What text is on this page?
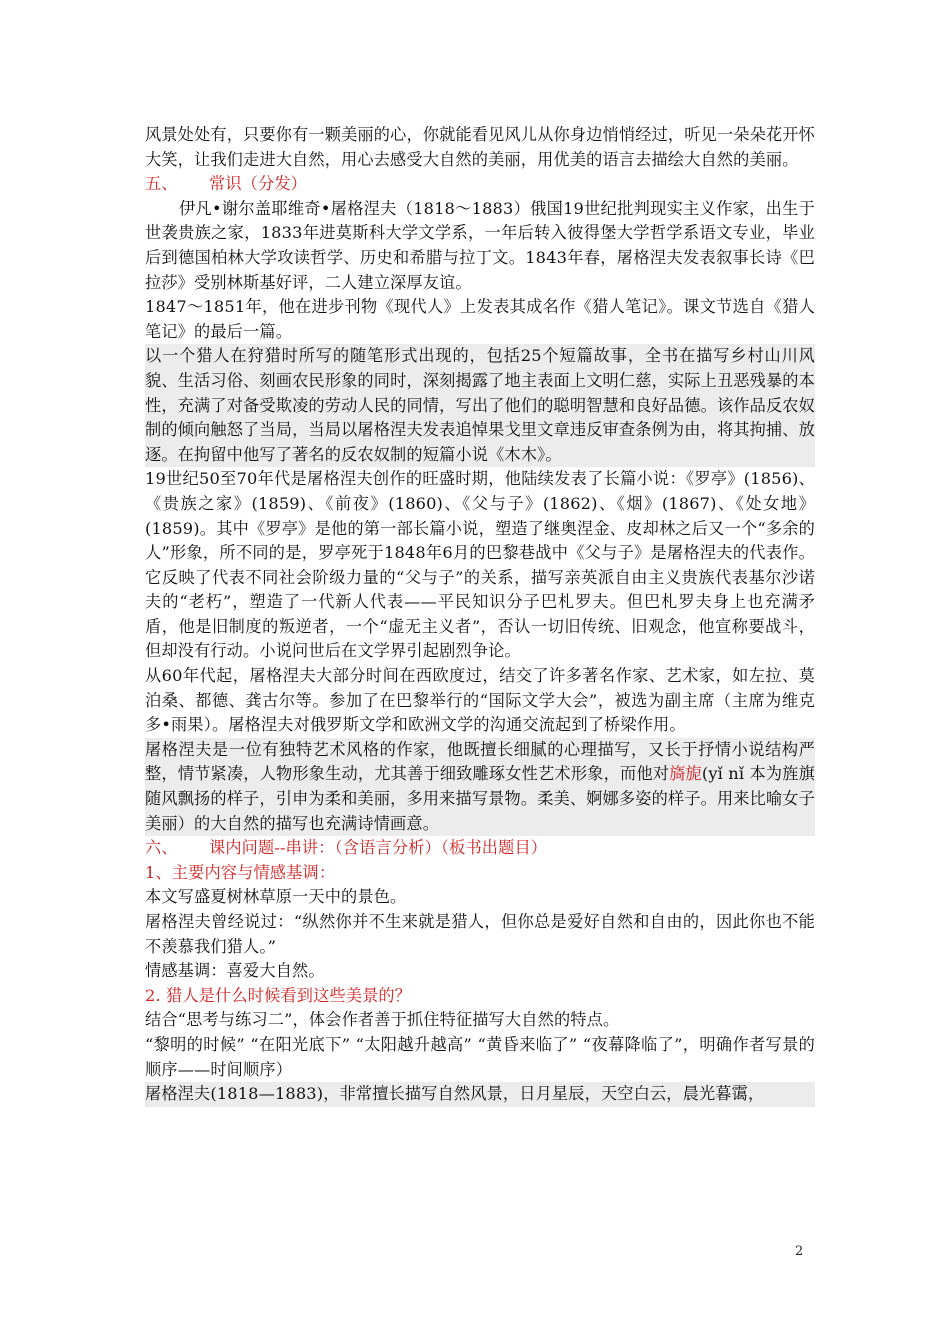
风景处处有，只要你有一颗美丽的心，你就能看见风儿从你身边悄悄经过，听见一朵朵花开怀大笑，让我们走进大自然，用心去感受大自然的美丽，用优美的语言去描绘大自然的美丽。

五、 常识（分发）

伊凡•谢尔盖耶维奇•屠格涅夫（1818～1883）俄国19世纪批判现实主义作家，出生于世袭贵族之家，1833年进莫斯科大学文学系，一年后转入彼得堡大学哲学系语文专业，毕业后到德国柏林大学攻读哲学、历史和希腊与拉丁文。1843年春，屠格涅夫发表叙事长诗《巴拉莎》受别林斯基好评，二人建立深厚友谊。

1847～1851年，他在进步刊物《现代人》上发表其成名作《猎人笔记》。课文节选自《猎人笔记》的最后一篇。

以一个猎人在狩猎时所写的随笔形式出现的，包括25个短篇故事，全书在描写乡村山川风貌、生活习俗、刻画农民形象的同时，深刻揭露了地主表面上文明仁慈，实际上丑恶残暴的本性，充满了对备受欺凌的劳动人民的同情，写出了他们的聪明智慧和良好品德。该作品反农奴制的倾向触怒了当局，当局以屠格涅夫发表追悼果戈里文章违反审查条例为由，将其拘捕、放逐。在拘留中他写了著名的反农奴制的短篇小说《木木》。

19世纪50至70年代是屠格涅夫创作的旺盛时期，他陆续发表了长篇小说：《罗亭》(1856)、《贵族之家》(1859)、《前夜》(1860)、《父与子》(1862)、《烟》(1867)、《处女地》(1859)。其中《罗亭》是他的第一部长篇小说，塑造了继奥涅金、皮却林之后又一个“多余的人”形象，所不同的是，罗亭死于1848年6月的巴黎巷战中《父与子》是屠格涅夫的代表作。它反映了代表不同社会阶级力量的“父与子”的关系，描写亲英派自由主义贵族代表基尔沙诺夫的“老朽”，塑造了一代新人代表——平民知识分子巴札罗夫。但巴札罗夫身上也充满矛盾，他是旧制度的叛逆者，一个“虚无主义者”，否认一切旧传统、旧观念，他宣称要战斗，但却没有行动。小说问世后在文学界引起剧烈争论。

从60年代起，屠格涅夫大部分时间在西欧度过，结交了许多著名作家、艺术家，如左拉、莫泊桑、都德、龚古尔等。参加了在巴黎举行的“国际文学大会”，被选为副主席（主席为维克多•雨果）。屠格涅夫对俄罗斯文学和欧洲文学的沟通交流起到了桥梁作用。

屠格涅夫是一位有独特艺术风格的作家，他既擅长细腻的心理描写，又长于抒情小说结构严整，情节紧凑，人物形象生动，尤其善于细致雕琢女性艺术形象，而他对旖旎(yǐ nǐ 本为旌旗随风飘扬的样子，引申为柔和美丽，多用来描写景物。柔美、婀娜多姿的样子。用来比喻女子美丽）的大自然的描写也充满诗情画意。

六、 课内问题--串讲：（含语言分析）（板书出题目）

1、主要内容与情感基调：

本文写盛夏树林草原一天中的景色。

屠格涅夫曾经说过：“纵然你并不生来就是猎人，但你总是爱好自然和自由的，因此你也不能不羡慕我们猎人。”

情感基调：喜爱大自然。

2. 猎人是什么时候看到这些美景的？

结合“思考与练习二”，体会作者善于抓住特征描写大自然的特点。

“黎明的时候” “在阳光底下” “太阳越升越高” “黄昏来临了” “夜幕降临了”，明确作者写景的顺序——时间顺序）

屠格涅夫(1818—1883)，非常擅长描写自然风景，日月星辰，天空白云，晨光暮霭，

2
